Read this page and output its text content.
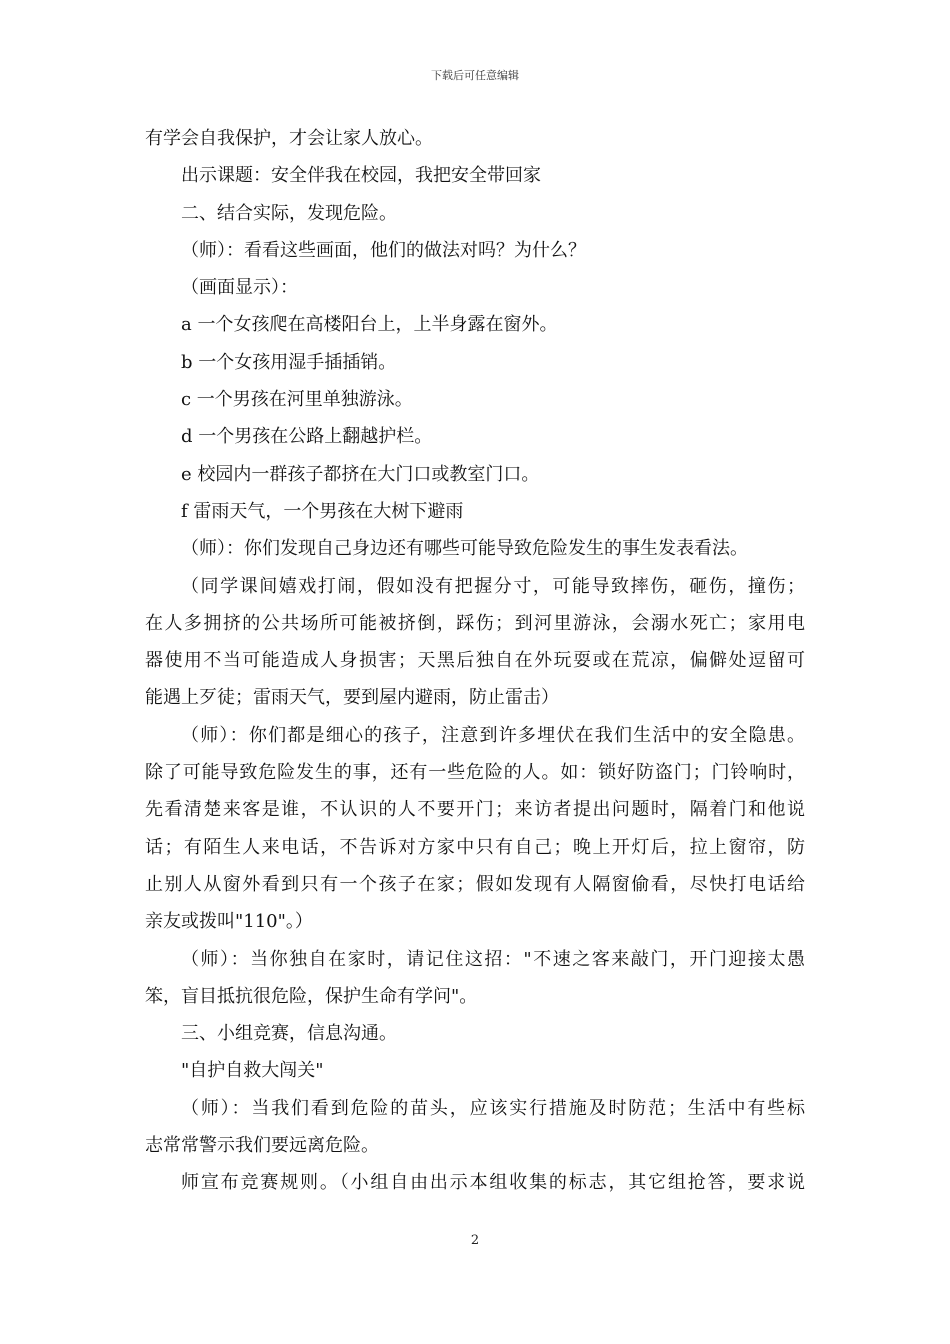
下载后可任意编辑
有学会自我保护，才会让家人放心。
出示课题：安全伴我在校园，我把安全带回家
二、结合实际，发现危险。
（师）：看看这些画面，他们的做法对吗？为什么？
（画面显示）：
a 一个女孩爬在高楼阳台上，上半身露在窗外。
b 一个女孩用湿手插插销。
c 一个男孩在河里单独游泳。
d 一个男孩在公路上翻越护栏。
e 校园内一群孩子都挤在大门口或教室门口。
f 雷雨天气，一个男孩在大树下避雨
（师）：你们发现自己身边还有哪些可能导致危险发生的事生发表看法。
（同学课间嬉戏打闹，假如没有把握分寸，可能导致摔伤，砸伤，撞伤；
在人多拥挤的公共场所可能被挤倒，踩伤；到河里游泳，会溺水死亡；家用电
器使用不当可能造成人身损害；天黑后独自在外玩耍或在荒凉，偏僻处逗留可
能遇上歹徒；雷雨天气，要到屋内避雨，防止雷击）
（师）：你们都是细心的孩子，注意到许多埋伏在我们生活中的安全隐患。
除了可能导致危险发生的事，还有一些危险的人。如：锁好防盗门；门铃响时，
先看清楚来客是谁，不认识的人不要开门；来访者提出问题时，隔着门和他说
话；有陌生人来电话，不告诉对方家中只有自己；晚上开灯后，拉上窗帘，防
止别人从窗外看到只有一个孩子在家；假如发现有人隔窗偷看，尽快打电话给
亲友或拨叫"110"。）
（师）：当你独自在家时，请记住这招："不速之客来敲门，开门迎接太愚
笨，盲目抵抗很危险，保护生命有学问"。
三、小组竞赛，信息沟通。
"自护自救大闯关"
（师）：当我们看到危险的苗头，应该实行措施及时防范；生活中有些标
志常常警示我们要远离危险。
师宣布竞赛规则。（小组自由出示本组收集的标志，其它组抢答，要求说
2
